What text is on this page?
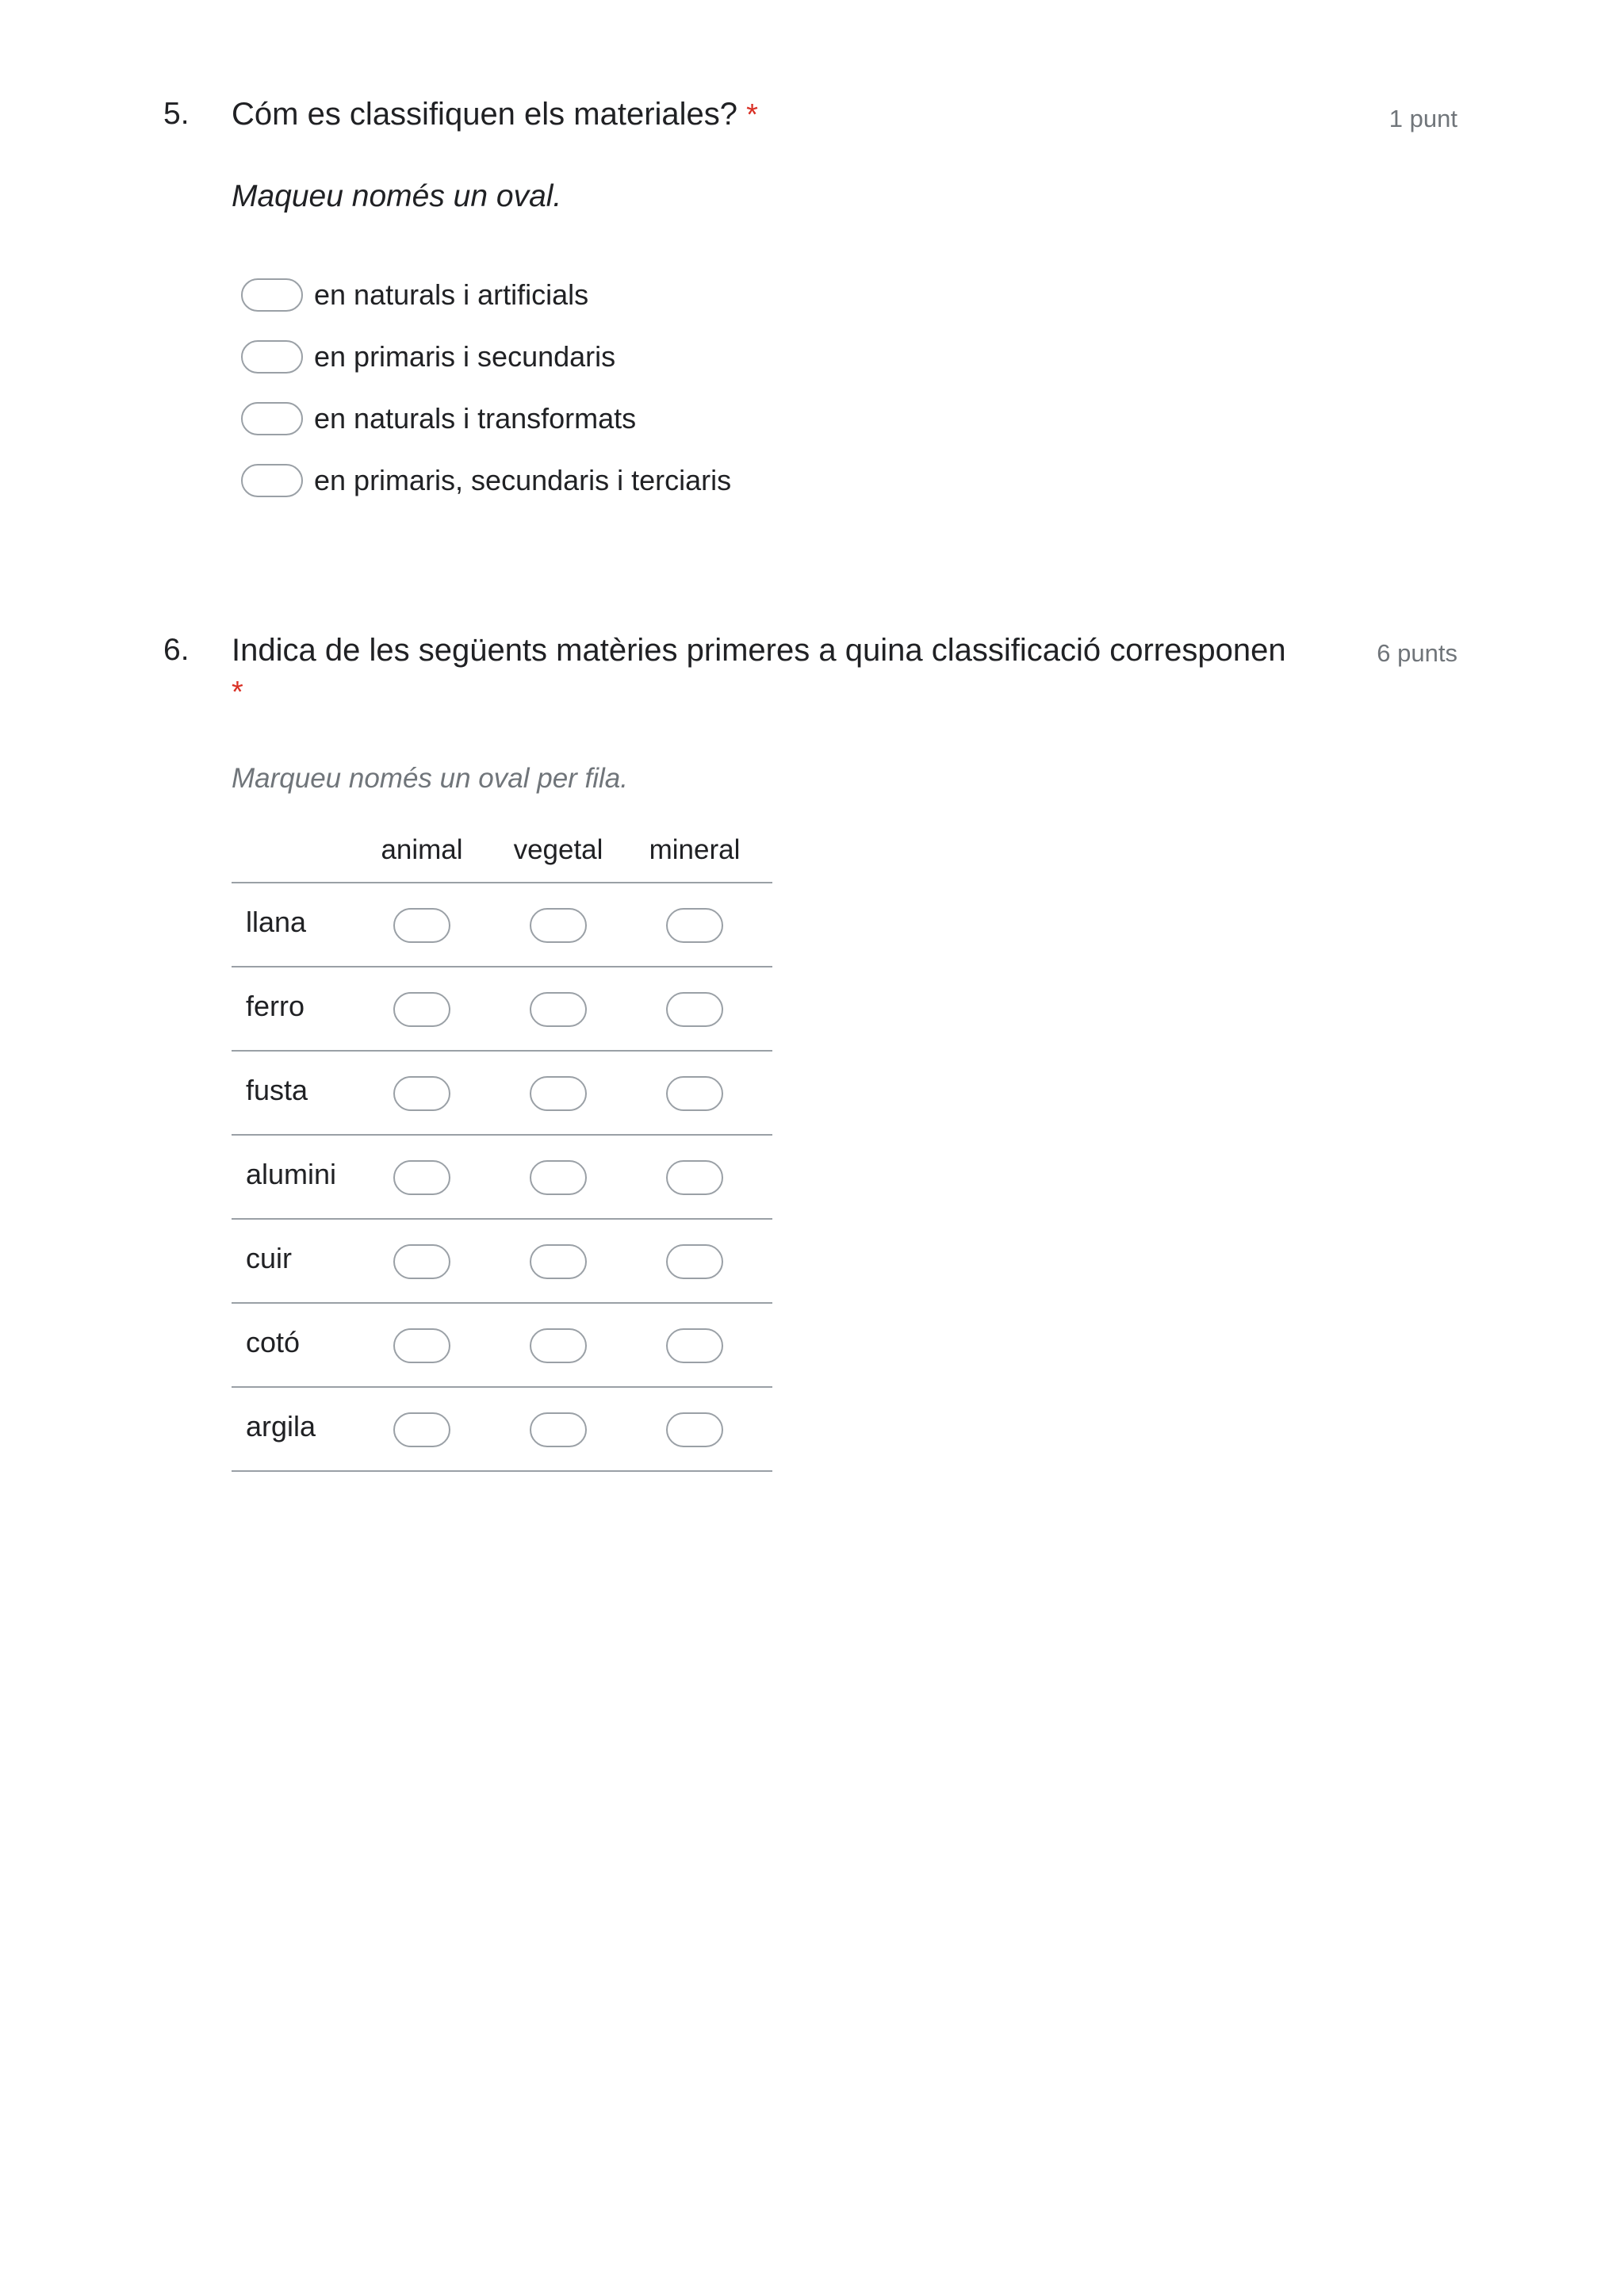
5. Cóm es classifiquen els materiales? *	1 punt
Maqueu només un oval.
en naturals i artificials
en primaris i secundaris
en naturals i transformats
en primaris, secundaris i terciaris
6. Indica de les següents matèries primeres a quina classificació corresponen
*
6 punts
Marqueu només un oval per fila.
animal vegetal mineral
llana
ferro
fusta
alumini
cuir
cotó
argila
